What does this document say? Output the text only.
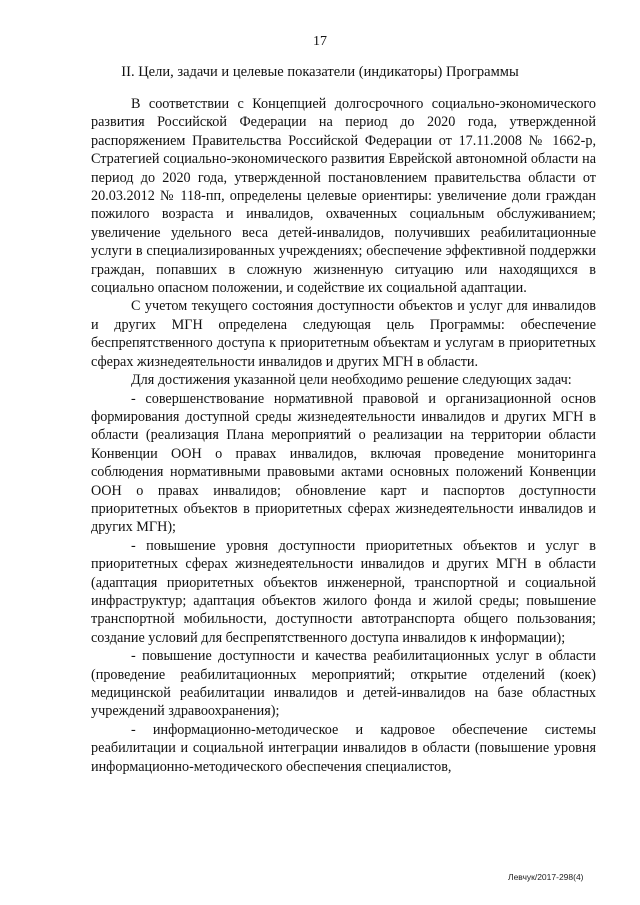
17
II. Цели, задачи и целевые показатели (индикаторы) Программы

В соответствии с Концепцией долгосрочного социально-экономического развития Российской Федерации на период до 2020 года, утвержденной распоряжением Правительства Российской Федерации от 17.11.2008 № 1662-р, Стратегией социально-экономического развития Еврейской автономной области на период до 2020 года, утвержденной постановлением правительства области от 20.03.2012 № 118-пп, определены целевые ориентиры: увеличение доли граждан пожилого возраста и инвалидов, охваченных социальным обслуживанием; увеличение удельного веса детей-инвалидов, получивших реабилитационные услуги в специализированных учреждениях; обеспечение эффективной поддержки граждан, попавших в сложную жизненную ситуацию или находящихся в социально опасном положении, и содействие их социальной адаптации.

С учетом текущего состояния доступности объектов и услуг для инвалидов и других МГН определена следующая цель Программы: обеспечение беспрепятственного доступа к приоритетным объектам и услугам в приоритетных сферах жизнедеятельности инвалидов и других МГН в области.

Для достижения указанной цели необходимо решение следующих задач:

- совершенствование нормативной правовой и организационной основ формирования доступной среды жизнедеятельности инвалидов и других МГН в области (реализация Плана мероприятий о реализации на территории области Конвенции ООН о правах инвалидов, включая проведение мониторинга соблюдения нормативными правовыми актами основных положений Конвенции ООН о правах инвалидов; обновление карт и паспортов доступности приоритетных объектов в приоритетных сферах жизнедеятельности инвалидов и других МГН);

- повышение уровня доступности приоритетных объектов и услуг в приоритетных сферах жизнедеятельности инвалидов и других МГН в области (адаптация приоритетных объектов инженерной, транспортной и социальной инфраструктур; адаптация объектов жилого фонда и жилой среды; повышение транспортной мобильности, доступности автотранспорта общего пользования; создание условий для беспрепятственного доступа инвалидов к информации);

- повышение доступности и качества реабилитационных услуг в области (проведение реабилитационных мероприятий; открытие отделений (коек) медицинской реабилитации инвалидов и детей-инвалидов на базе областных учреждений здравоохранения);

- информационно-методическое и кадровое обеспечение системы реабилитации и социальной интеграции инвалидов в области (повышение уровня информационно-методического обеспечения специалистов,

Левчук/2017-298(4)
